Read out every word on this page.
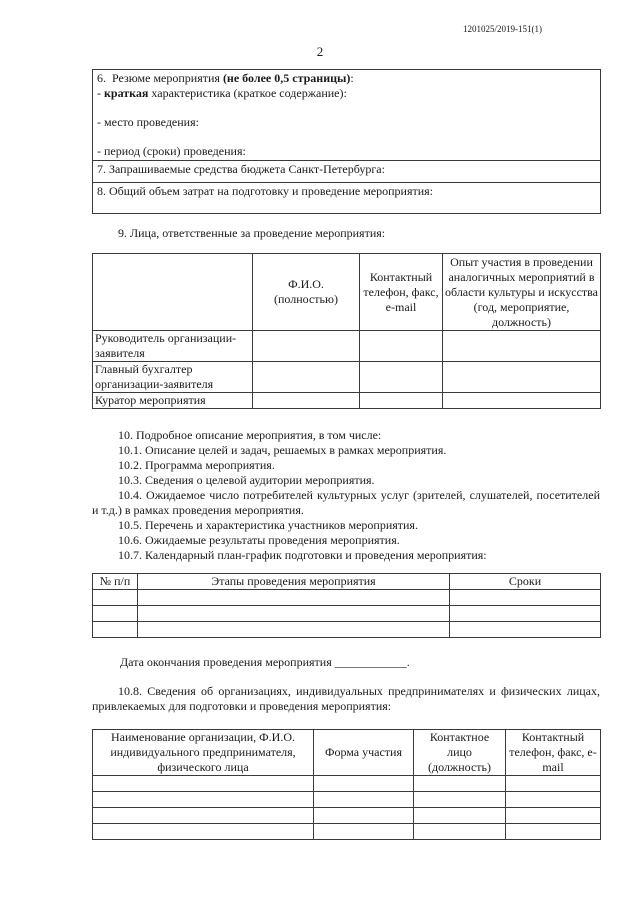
1201025/2019-151(1)
2
6. Резюме мероприятия (не более 0,5 страницы):
- краткая характеристика (краткое содержание):
- место проведения:
- период (сроки) проведения:

7. Запрашиваемые средства бюджета Санкт-Петербурга:
8. Общий объем затрат на подготовку и проведение мероприятия:
9. Лица, ответственные за проведение мероприятия:
	Ф.И.О. (полностью)	Контактный телефон, факс, e-mail	Опыт участия в проведении аналогичных мероприятий в области культуры и искусства (год, мероприятие, должность)
Руководитель организации-заявителя			
Главный бухгалтер организации-заявителя			
Куратор мероприятия			

10. Подробное описание мероприятия, в том числе:

10.1. Описание целей и задач, решаемых в рамках мероприятия.

10.2. Программа мероприятия.

10.3. Сведения о целевой аудитории мероприятия.

10.4. Ожидаемое число потребителей культурных услуг (зрителей, слушателей, посетителей и т.д.) в рамках проведения мероприятия.

10.5. Перечень и характеристика участников мероприятия.

10.6. Ожидаемые результаты проведения мероприятия.

10.7. Календарный план-график подготовки и проведения мероприятия:

№ п/п	Этапы проведения мероприятия	Сроки

Дата окончания проведения мероприятия ____________.
10.8. Сведения об организациях, индивидуальных предпринимателях и физических лицах, привлекаемых для подготовки и проведения мероприятия:
Наименование организации, Ф.И.О. индивидуального предпринимателя, физического лица	Форма участия	Контактное лицо (должность)	Контактный телефон, факс, e-mail
